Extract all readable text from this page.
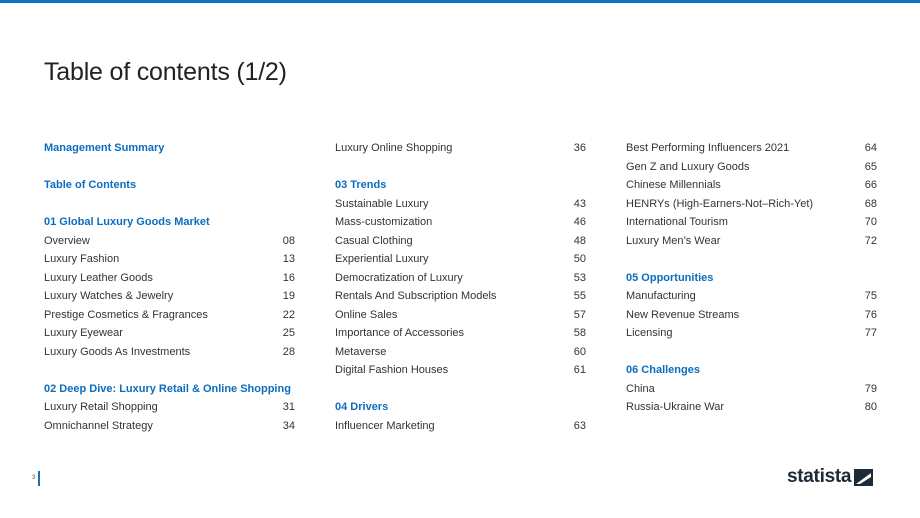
Table of contents (1/2)
Management Summary
Table of Contents
01 Global Luxury Goods Market
Overview	08
Luxury Fashion	13
Luxury Leather Goods	16
Luxury Watches & Jewelry	19
Prestige Cosmetics & Fragrances	22
Luxury Eyewear	25
Luxury Goods As Investments	28
02 Deep Dive: Luxury Retail & Online Shopping
Luxury Retail Shopping	31
Omnichannel Strategy	34
Luxury Online Shopping	36
03 Trends
Sustainable Luxury	43
Mass-customization	46
Casual Clothing	48
Experiential Luxury	50
Democratization of Luxury	53
Rentals And Subscription Models	55
Online Sales	57
Importance of Accessories	58
Metaverse	60
Digital Fashion Houses	61
04 Drivers
Influencer Marketing	63
Best Performing Influencers 2021	64
Gen Z and Luxury Goods	65
Chinese Millennials	66
HENRYs (High-Earners-Not–Rich-Yet)	68
International Tourism	70
Luxury Men’s Wear	72
05 Opportunities
Manufacturing	75
New Revenue Streams	76
Licensing	77
06 Challenges
China	79
Russia-Ukraine War	80
3	statista
